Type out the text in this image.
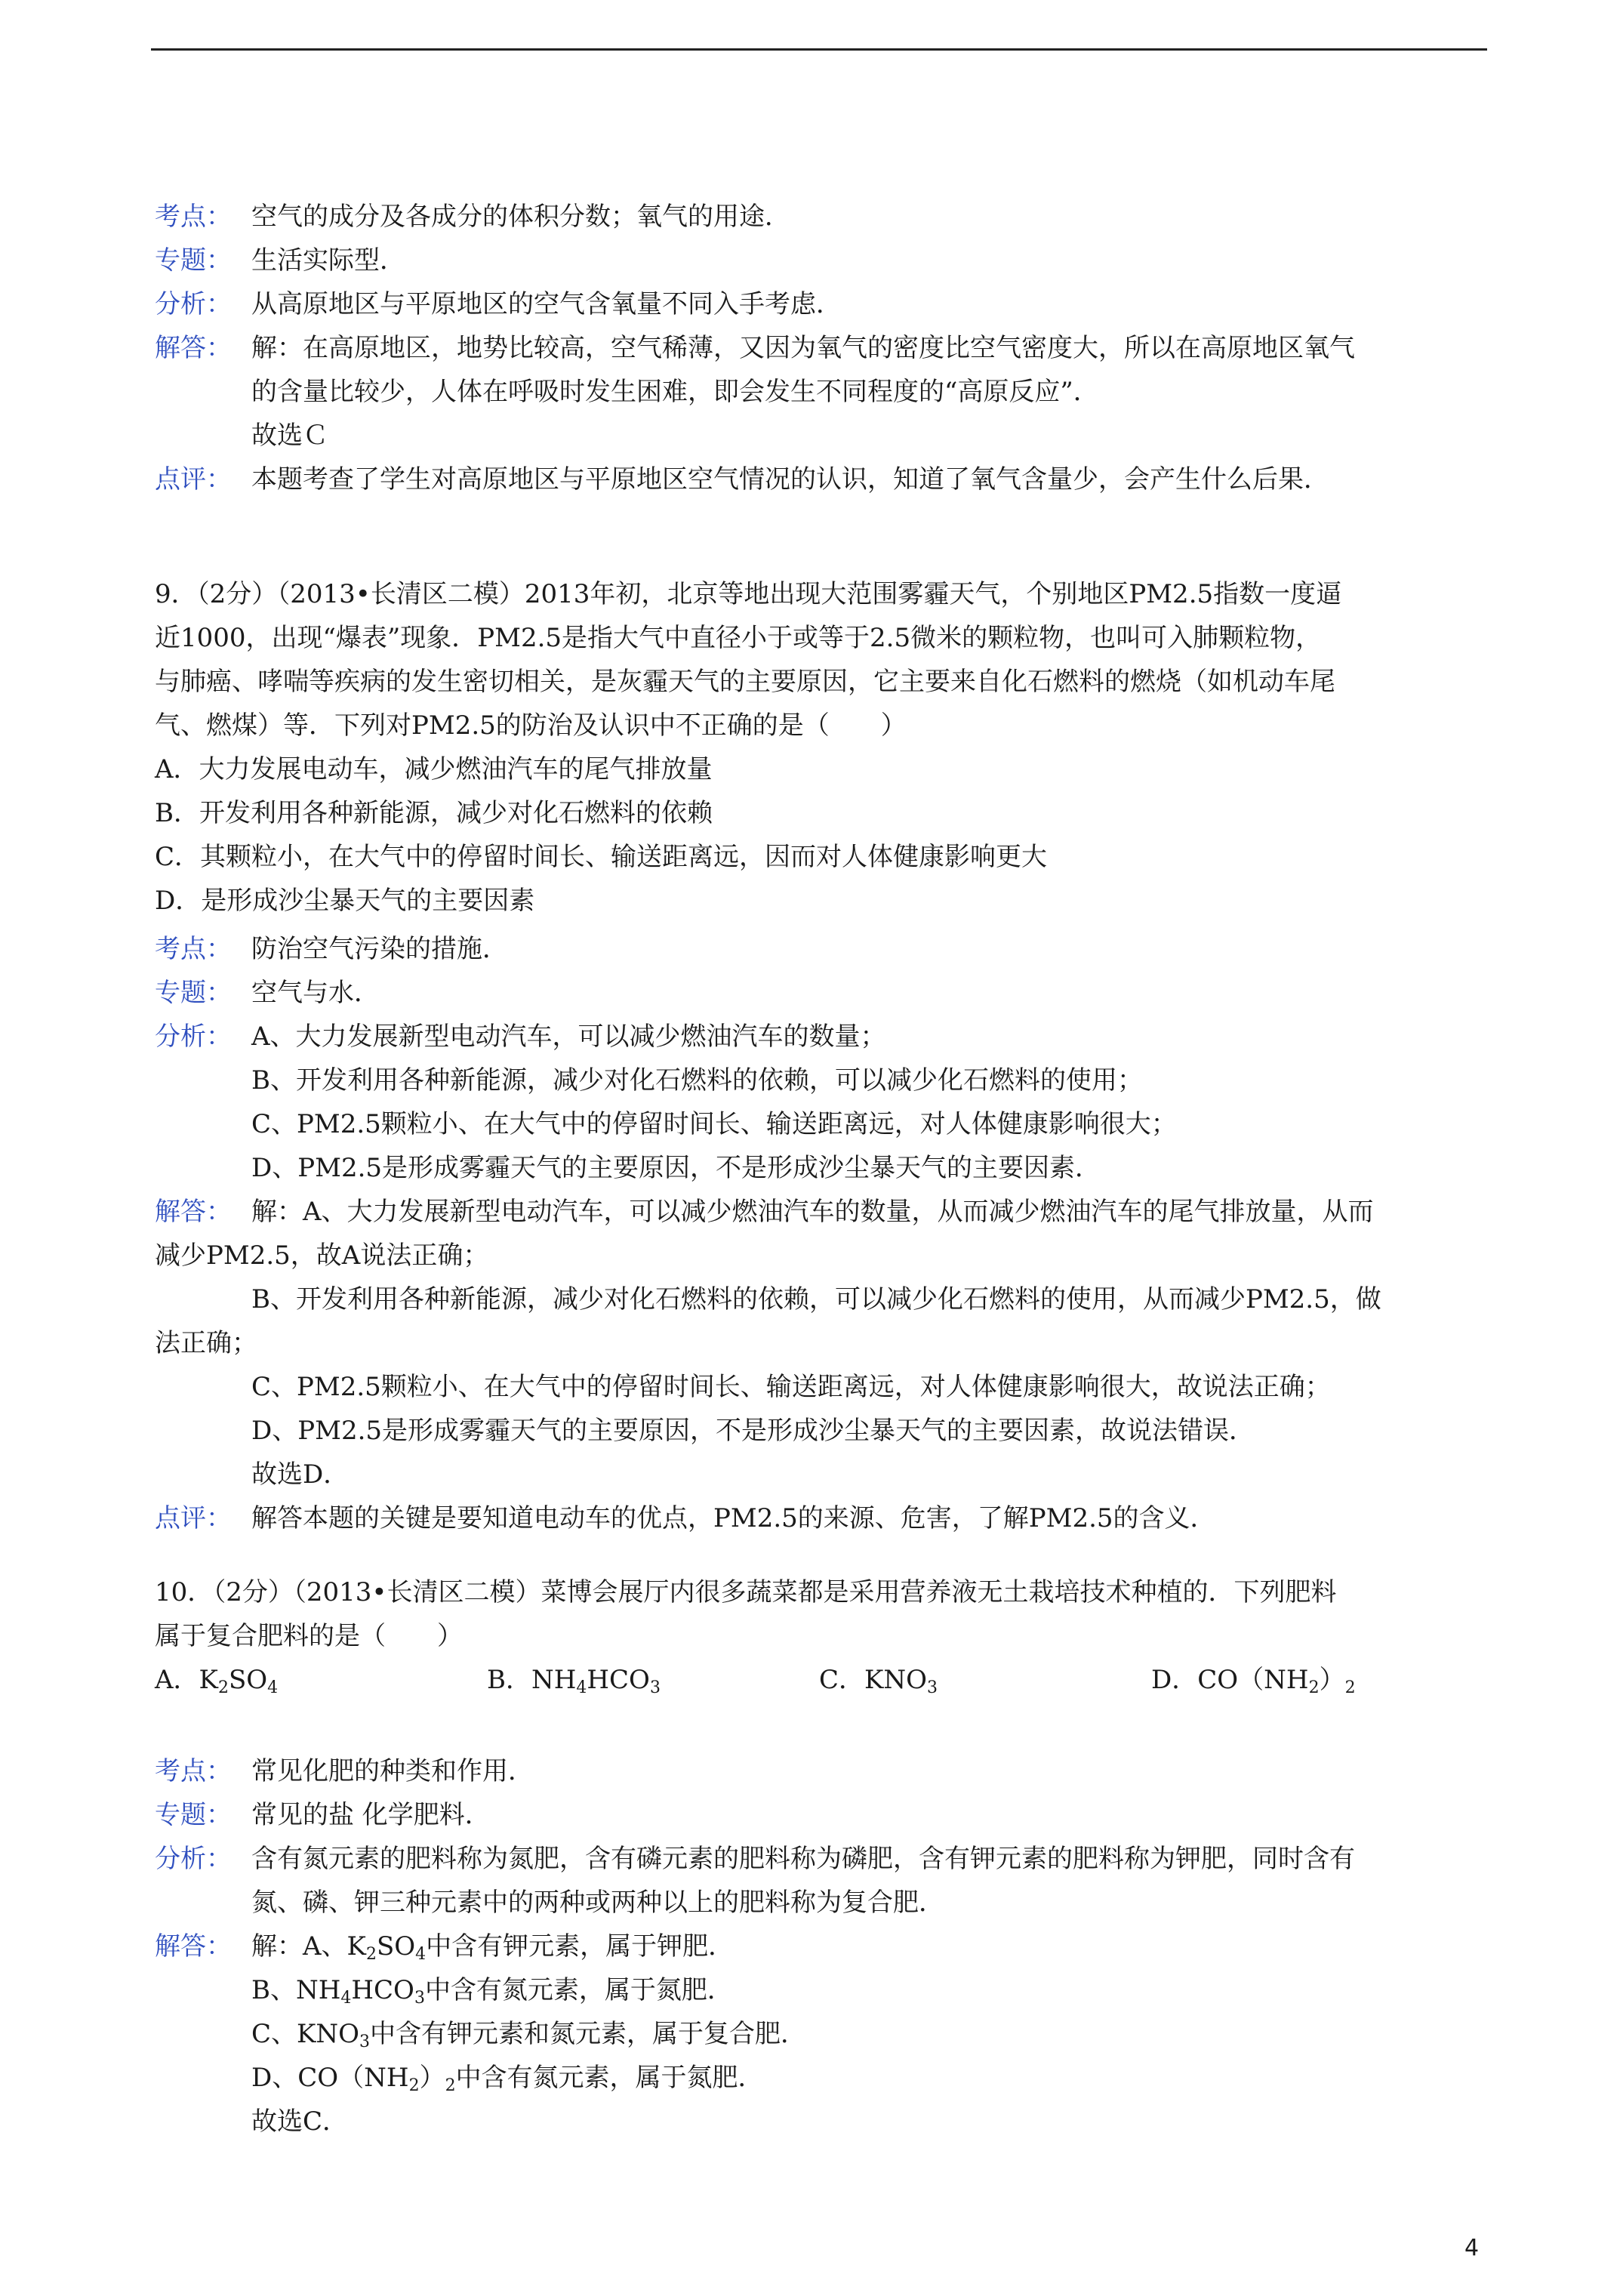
考点： 空气的成分及各成分的体积分数；氧气的用途．
专题： 生活实际型．
分析： 从高原地区与平原地区的空气含氧量不同入手考虑．
解答： 解：在高原地区，地势比较高，空气稀薄，又因为氧气的密度比空气密度大，所以在高原地区氧气
的含量比较少，人体在呼吸时发生困难，即会发生不同程度的“高原反应”．
故选Ｃ
点评： 本题考查了学生对高原地区与平原地区空气情况的认识，知道了氧气含量少，会产生什么后果．
9．（2分）（2013•长清区二模）2013年初，北京等地出现大范围雾霾天气，个别地区PM2.5指数一度逼
近1000，出现“爆表”现象．PM2.5是指大气中直径小于或等于2.5微米的颗粒物，也叫可入肺颗粒物，
与肺癌、哮喘等疾病的发生密切相关，是灰霾天气的主要原因，它主要来自化石燃料的燃烧（如机动车尾
气、燃煤）等．下列对PM2.5的防治及认识中不正确的是（　　）
A．大力发展电动车，减少燃油汽车的尾气排放量
B．开发利用各种新能源，减少对化石燃料的依赖
C．其颗粒小，在大气中的停留时间长、输送距离远，因而对人体健康影响更大
D．是形成沙尘暴天气的主要因素
考点： 防治空气污染的措施．
专题： 空气与水．
分析： A、大力发展新型电动汽车，可以减少燃油汽车的数量；
B、开发利用各种新能源，减少对化石燃料的依赖，可以减少化石燃料的使用；
C、PM2.5颗粒小、在大气中的停留时间长、输送距离远，对人体健康影响很大；
D、PM2.5是形成雾霾天气的主要原因，不是形成沙尘暴天气的主要因素．
解答： 解：A、大力发展新型电动汽车，可以减少燃油汽车的数量，从而减少燃油汽车的尾气排放量，从而
减少PM2.5，故A说法正确；
B、开发利用各种新能源，减少对化石燃料的依赖，可以减少化石燃料的使用，从而减少PM2.5，做
法正确；
C、PM2.5颗粒小、在大气中的停留时间长、输送距离远，对人体健康影响很大，故说法正确；
D、PM2.5是形成雾霾天气的主要原因，不是形成沙尘暴天气的主要因素，故说法错误．
故选D．
点评： 解答本题的关键是要知道电动车的优点，PM2.5的来源、危害，了解PM2.5的含义．
10．（2分）（2013•长清区二模）菜博会展厅内很多蔬菜都是采用营养液无土栽培技术种植的．下列肥料
属于复合肥料的是（　　）
A．$K_2SO_4$	B．$NH_4HCO_3$	C．$KNO_3$	D．$CO(NH_2)_2$
考点： 常见化肥的种类和作用．
专题： 常见的盐 化学肥料．
分析： 含有氮元素的肥料称为氮肥，含有磷元素的肥料称为磷肥，含有钾元素的肥料称为钾肥，同时含有
氮、磷、钾三种元素中的两种或两种以上的肥料称为复合肥．
解答： 解：A、$K_2SO_4$中含有钾元素，属于钾肥．
B、$NH_4HCO_3$中含有氮元素，属于氮肥．
C、$KNO_3$中含有钾元素和氮元素，属于复合肥．
D、$CO(NH_2)_2$中含有氮元素，属于氮肥．
故选C．
4
